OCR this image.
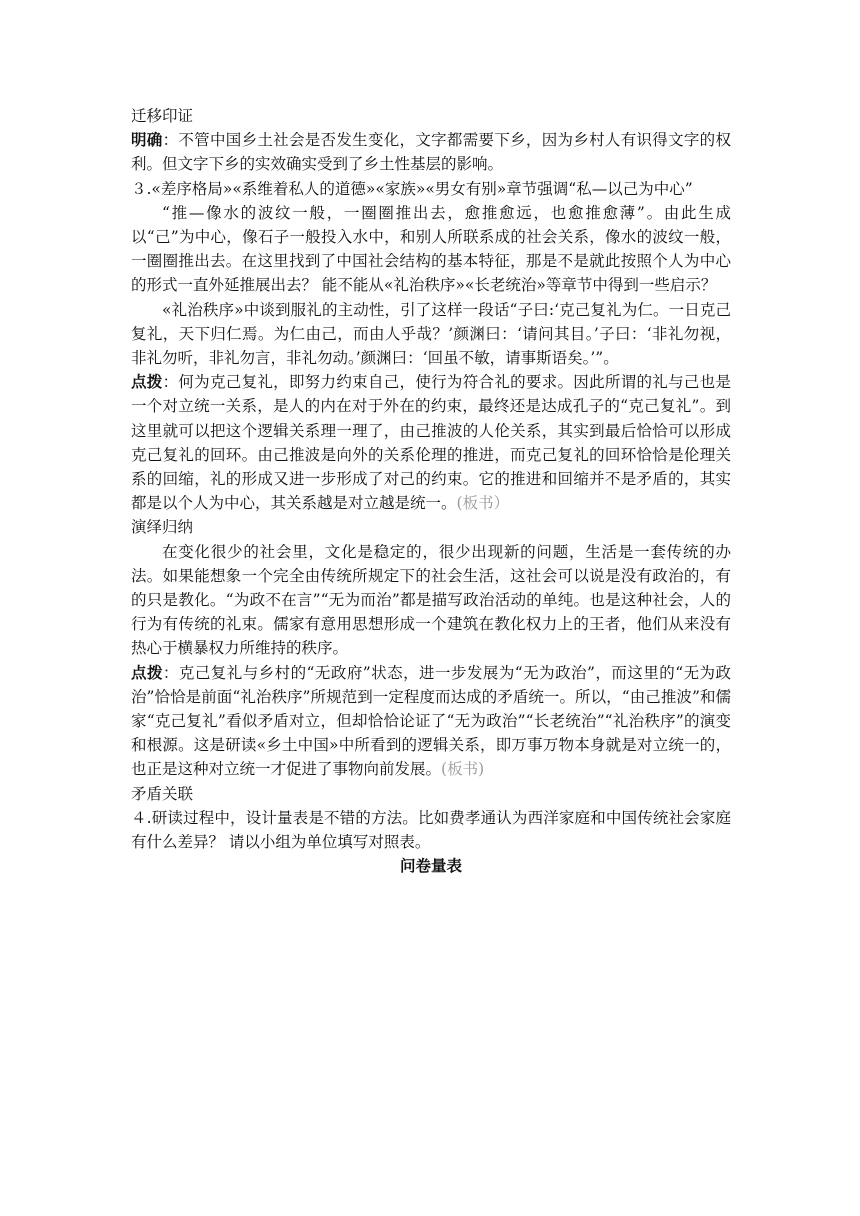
迁移印证

明确：不管中国乡土社会是否发生变化，文字都需要下乡，因为乡村人有识得文字的权利。但文字下乡的实效确实受到了乡土性基层的影响。

３.«差序格局»«系维着私人的道德»«家族»«男女有别»章节强调“私—以己为中心”

“推—像水的波纹一般，一圈圈推出去，愈推愈远，也愈推愈薄”。由此生成以“己”为中心，像石子一般投入水中，和别人所联系成的社会关系，像水的波纹一般，一圈圈推出去。在这里找到了中国社会结构的基本特征，那是不是就此按照个人为中心的形式一直外延推展出去？ 能不能从«礼治秩序»«长老统治»等章节中得到一些启示？

«礼治秩序»中谈到服礼的主动性，引了这样一段话“子曰:‘克己复礼为仁。一日克己复礼，天下归仁焉。为仁由己，而由人乎哉？’颜渊曰：‘请问其目。’子曰：‘非礼勿视，非礼勿听，非礼勿言，非礼勿动。’颜渊曰：‘回虽不敏，请事斯语矣。’”。

点拨：何为克己复礼，即努力约束自己，使行为符合礼的要求。因此所谓的礼与己也是一个对立统一关系，是人的内在对于外在的约束，最终还是达成孔子的“克己复礼”。到这里就可以把这个逻辑关系理一理了，由己推波的人伦关系，其实到最后恰恰可以形成克己复礼的回环。由己推波是向外的关系伦理的推进，而克己复礼的回环恰恰是伦理关系的回缩，礼的形成又进一步形成了对己的约束。它的推进和回缩并不是矛盾的，其实都是以个人为中心，其关系越是对立越是统一。(板书）

演绎归纳

在变化很少的社会里，文化是稳定的，很少出现新的问题，生活是一套传统的办法。如果能想象一个完全由传统所规定下的社会生活，这社会可以说是没有政治的，有的只是教化。“为政不在言”“无为而治”都是描写政治活动的单纯。也是这种社会，人的行为有传统的礼束。儒家有意用思想形成一个建筑在教化权力上的王者，他们从来没有热心于横暴权力所维持的秩序。

点拨：克己复礼与乡村的“无政府”状态，进一步发展为“无为政治”，而这里的“无为政治”恰恰是前面“礼治秩序”所规范到一定程度而达成的矛盾统一。所以，“由己推波”和儒家“克己复礼”看似矛盾对立，但却恰恰论证了“无为政治”“长老统治”“礼治秩序”的演变和根源。这是研读«乡土中国»中所看到的逻辑关系，即万事万物本身就是对立统一的，也正是这种对立统一才促进了事物向前发展。(板书)

矛盾关联

４.研读过程中，设计量表是不错的方法。比如费孝通认为西洋家庭和中国传统社会家庭有什么差异？ 请以小组为单位填写对照表。

问卷量表
